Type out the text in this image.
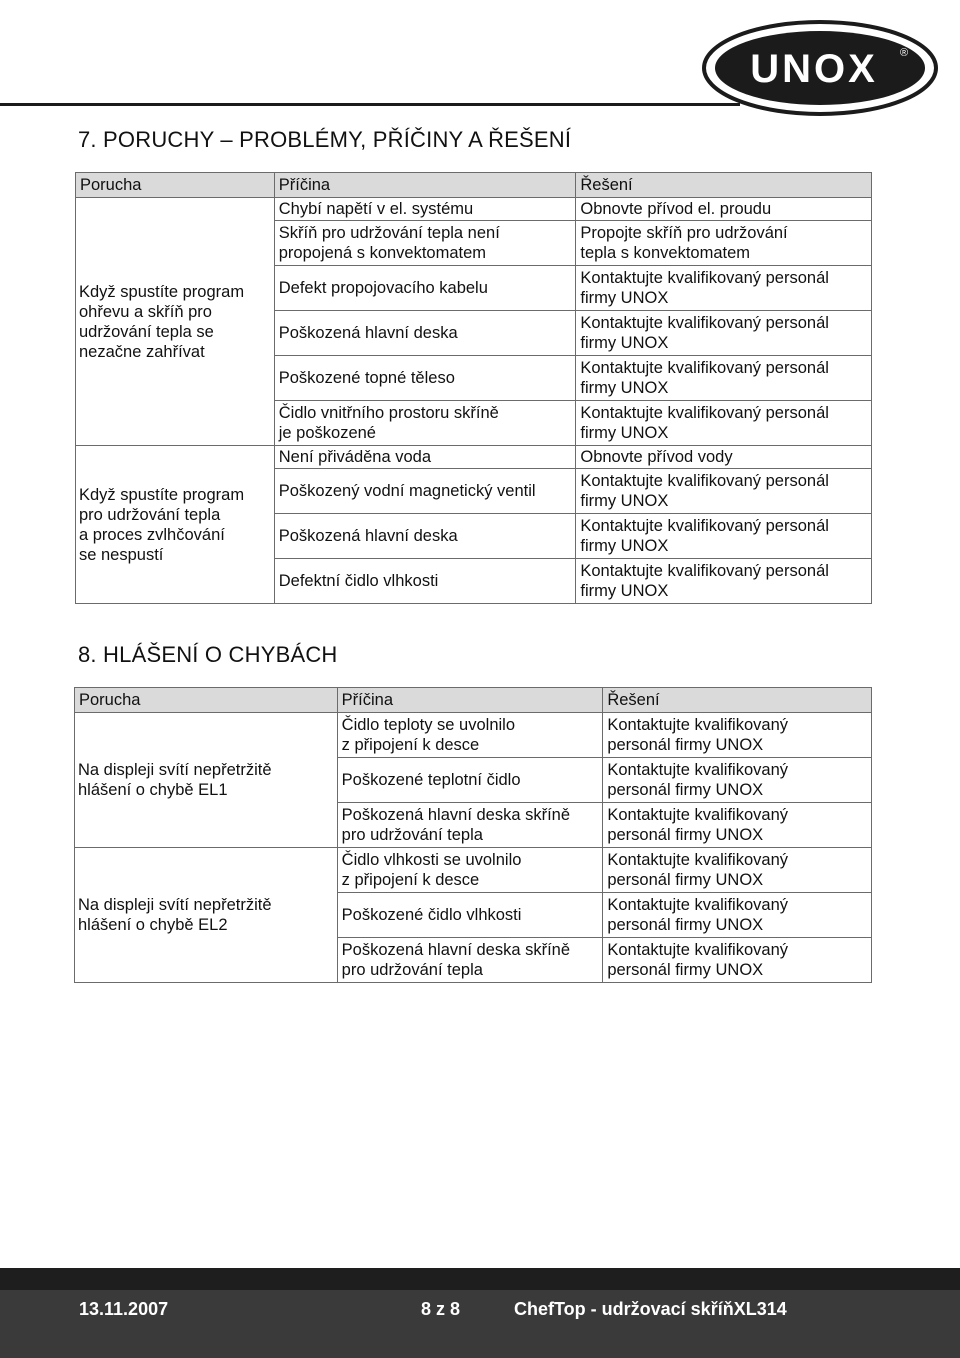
UNOX ®
7. PORUCHY – PROBLÉMY, PŘÍČINY A ŘEŠENÍ
Porucha	Příčina	Řešení
Když spustíte program
ohřevu a skříň pro
udržování tepla se
nezačne zahřívat	Chybí napětí v el. systému	Obnovte přívod el. proudu
	Skříň pro udržování tepla není
propojená s konvektomatem	Propojte skříň pro udržování
tepla s konvektomatem
	Defekt propojovacího kabelu	Kontaktujte kvalifikovaný personál
firmy UNOX
	Poškozená hlavní deska	Kontaktujte kvalifikovaný personál
firmy UNOX
	Poškozené topné těleso	Kontaktujte kvalifikovaný personál
firmy UNOX
	Čidlo vnitřního prostoru skříně
je poškozené	Kontaktujte kvalifikovaný personál
firmy UNOX
Když spustíte program
pro udržování tepla
a proces zvlhčování
se nespustí	Není přiváděna voda	Obnovte přívod vody
	Poškozený vodní magnetický ventil	Kontaktujte kvalifikovaný personál
firmy UNOX
	Poškozená hlavní deska	Kontaktujte kvalifikovaný personál
firmy UNOX
	Defektní čidlo vlhkosti	Kontaktujte kvalifikovaný personál
firmy UNOX
8. HLÁŠENÍ O CHYBÁCH
Porucha	Příčina	Řešení
Na displeji svítí nepřetržitě
hlášení o chybě EL1	Čidlo teploty se uvolnilo
z připojení k desce	Kontaktujte kvalifikovaný
personál firmy UNOX
	Poškozené teplotní čidlo	Kontaktujte kvalifikovaný
personál firmy UNOX
	Poškozená hlavní deska skříně
pro udržování tepla	Kontaktujte kvalifikovaný
personál firmy UNOX
Na displeji svítí nepřetržitě
hlášení o chybě EL2	Čidlo vlhkosti se uvolnilo
z připojení k desce	Kontaktujte kvalifikovaný
personál firmy UNOX
	Poškozené čidlo vlhkosti	Kontaktujte kvalifikovaný
personál firmy UNOX
	Poškozená hlavní deska skříně
pro udržování tepla	Kontaktujte kvalifikovaný
personál firmy UNOX
13.11.2007	8 z 8	ChefTop - udržovací skříňXL314
